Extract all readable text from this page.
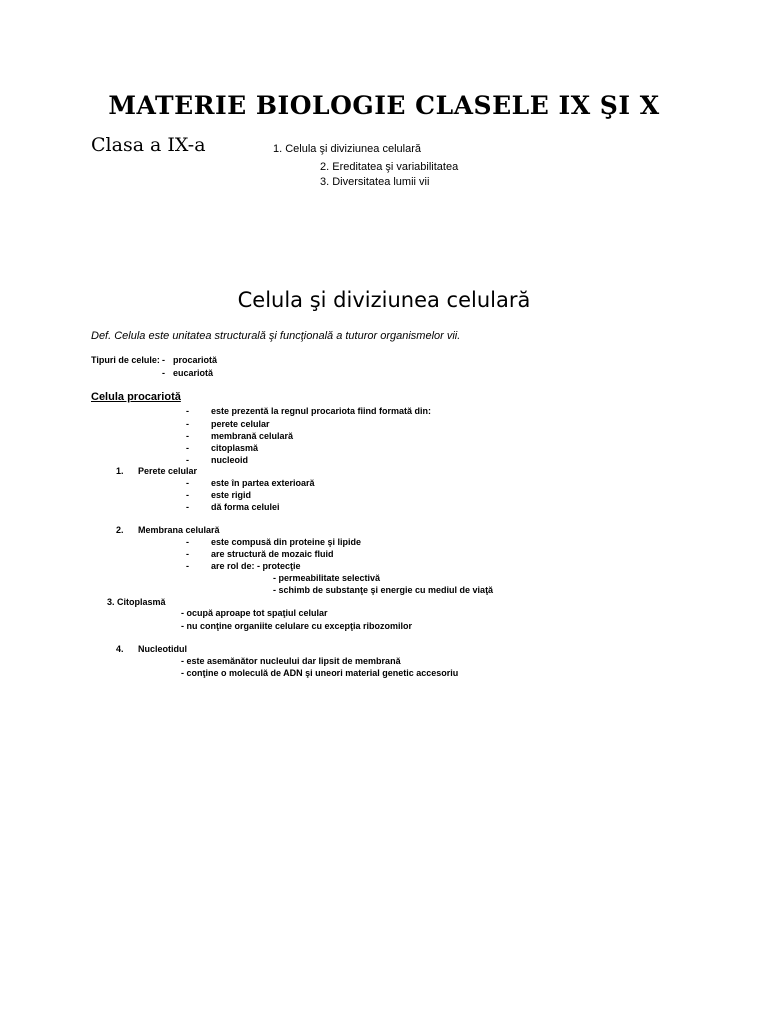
MATERIE BIOLOGIE CLASELE IX ŞI X
Clasa a IX-a	1. Celula şi diviziunea celulară
2. Ereditatea şi variabilitatea
3. Diversitatea lumii vii
Celula şi diviziunea celulară
Def. Celula este unitatea structurală şi funcţională a tuturor organismelor vii.
Tipuri de celule: - procariotă
- eucariotă
Celula procariotă
- este prezentă la regnul procariota fiind formată din:
- perete celular
- membrană celulară
- citoplasmă
- nucleoid
1. Perete celular
- este în partea exterioară
- este rigid
- dă forma celulei
2. Membrana celulară
- este compusă din proteine şi lipide
- are structură de mozaic fluid
- are rol de: - protecţie
- permeabilitate selectivă
- schimb de substanţe şi energie cu mediul de viaţă
3. Citoplasmă
- ocupă aproape tot spaţiul celular
- nu conţine organiite celulare cu excepţia ribozomilor
4. Nucleotidul
- este asemănător nucleului dar lipsit de membrană
- conţine o moleculă de ADN şi uneori material genetic accesoriu
